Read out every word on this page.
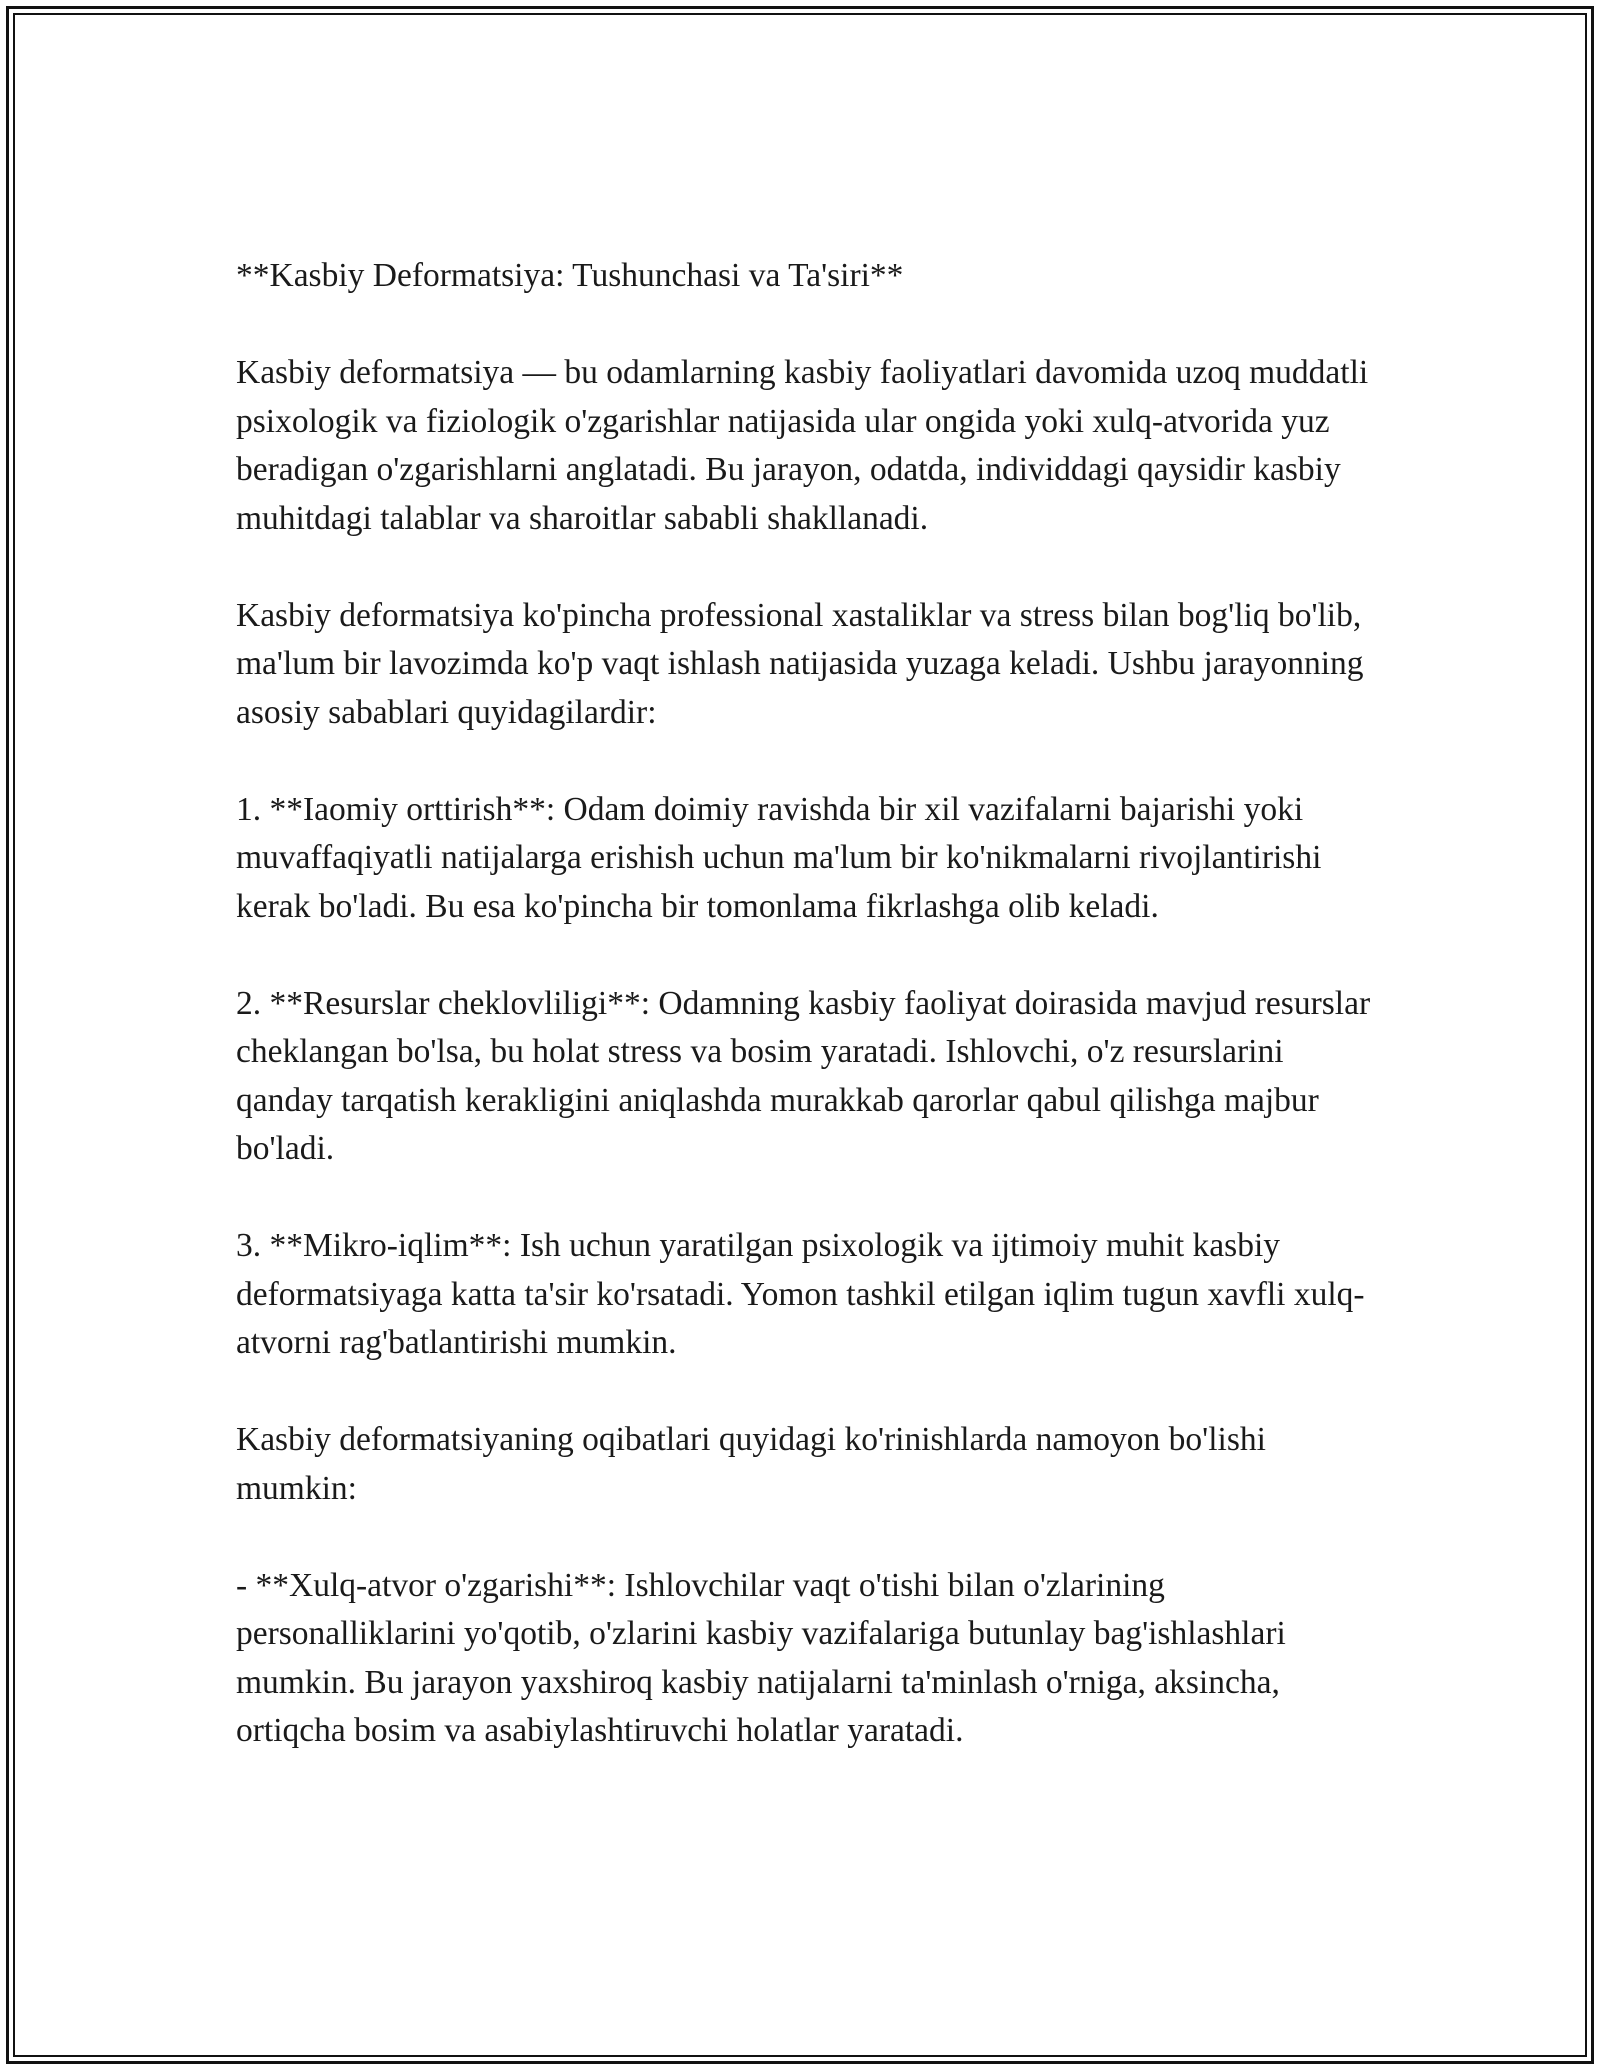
**Kasbiy Deformatsiya: Tushunchasi va Ta'siri**

Kasbiy deformatsiya — bu odamlarning kasbiy faoliyatlari davomida uzoq muddatli psixologik va fiziologik o'zgarishlar natijasida ular ongida yoki xulq-atvorida yuz beradigan o'zgarishlarni anglatadi. Bu jarayon, odatda, individdagi qaysidir kasbiy muhitdagi talablar va sharoitlar sababli shakllanadi.

Kasbiy deformatsiya ko'pincha professional xastaliklar va stress bilan bog'liq bo'lib, ma'lum bir lavozimda ko'p vaqt ishlash natijasida yuzaga keladi. Ushbu jarayonning asosiy sabablari quyidagilardir:

1. **Iaomiy orttirish**: Odam doimiy ravishda bir xil vazifalarni bajarishi yoki muvaffaqiyatli natijalarga erishish uchun ma'lum bir ko'nikmalarni rivojlantirishi kerak bo'ladi. Bu esa ko'pincha bir tomonlama fikrlashga olib keladi.

2. **Resurslar cheklovliligi**: Odamning kasbiy faoliyat doirasida mavjud resurslar cheklangan bo'lsa, bu holat stress va bosim yaratadi. Ishlovchi, o'z resurslarini qanday tarqatish kerakligini aniqlashda murakkab qarorlar qabul qilishga majbur bo'ladi.

3. **Mikro-iqlim**: Ish uchun yaratilgan psixologik va ijtimoiy muhit kasbiy deformatsiyaga katta ta'sir ko'rsatadi. Yomon tashkil etilgan iqlim tugun xavfli xulq-atvorni rag'batlantirishi mumkin.

Kasbiy deformatsiyaning oqibatlari quyidagi ko'rinishlarda namoyon bo'lishi mumkin:

- **Xulq-atvor o'zgarishi**: Ishlovchilar vaqt o'tishi bilan o'zlarining personalliklarini yo'qotib, o'zlarini kasbiy vazifalariga butunlay bag'ishlashlari mumkin. Bu jarayon yaxshiroq kasbiy natijalarni ta'minlash o'rniga, aksincha, ortiqcha bosim va asabiylashtiruvchi holatlar yaratadi.
